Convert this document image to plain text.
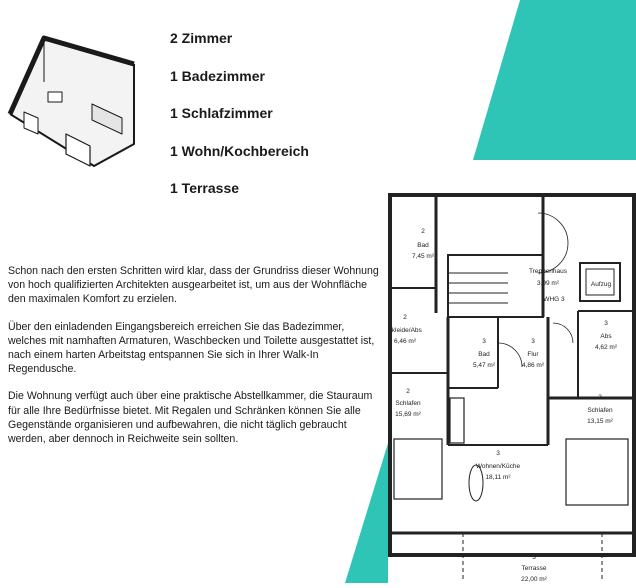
2 Zimmer
1 Badezimmer
1 Schlafzimmer
1 Wohn/Kochbereich
1 Terrasse

Schon nach den ersten Schritten wird klar, dass der Grundriss dieser Wohnung von hoch qualifizierten Architekten ausgearbeitet ist, um aus der Wohnfläche den maximalen Komfort zu erzielen.

Über den einladenden Eingangsbereich erreichen Sie das Badezimmer, welches mit namhaften Armaturen, Waschbecken und Toilette ausgestattet ist, nach einem harten Arbeitstag entspannen Sie sich in Ihrer Walk-In Regendusche.

Die Wohnung verfügt auch über eine praktische Abstellkammer, die Stauraum für alle Ihre Bedürfnisse bietet. Mit Regalen und Schränken können Sie alle Gegenstände organisieren und aufbewahren, die nicht täglich gebraucht werden, aber dennoch in Reichweite sein sollten.

2
Bad
7,45 m²
Treppenhaus
3,99 m²
WHG 3
Aufzug
2
nkleide/Abs
6,46 m²	3
Bad
5,47 m²
3
Flur
4,86 m²
3
Abs
4,62 m²
2
Schlafen
15,69 m²
3
Schlafen
13,15 m²
3
Wohnen/Küche
18,11 m²
3
Terrasse
22,00 m²
